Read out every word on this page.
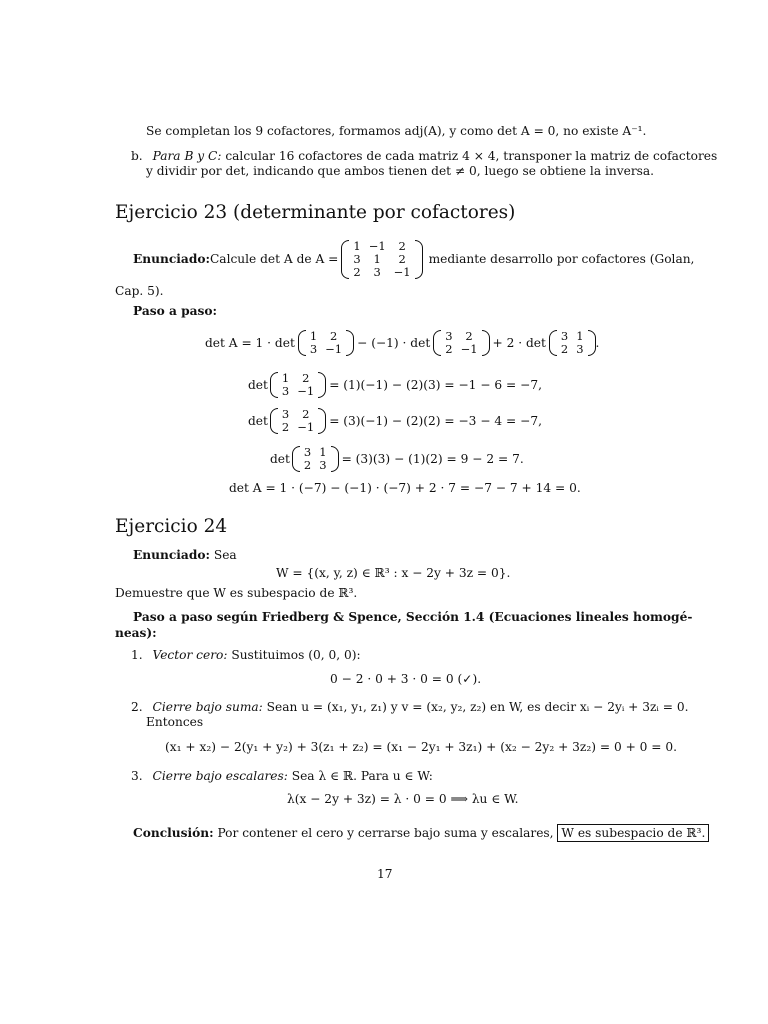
Se completan los 9 cofactores, formamos adj(A), y como det A = 0, no existe A⁻¹.
b. Para B y C: calcular 16 cofactores de cada matriz 4 × 4, transponer la matriz de cofactores
y dividir por det, indicando que ambos tienen det ≠ 0, luego se obtiene la inversa.
Ejercicio 23 (determinante por cofactores)
Enunciado: Calcule det A de A =
1	−1	2
3	1	2
2	3	−1
mediante desarrollo por cofactores (Golan,
Cap. 5).
Paso a paso:
det A = 1 · det 1	2
3	−1 − (−1) · det 3	2
2	−1 + 2 · det 3	1
2	3 .
det 1	2
3	−1 = (1)(−1) − (2)(3) = −1 − 6 = −7,
det 3	2
2	−1 = (3)(−1) − (2)(2) = −3 − 4 = −7,
det 3	1
2	3 = (3)(3) − (1)(2) = 9 − 2 = 7.
det A = 1 · (−7) − (−1) · (−7) + 2 · 7 = −7 − 7 + 14 = 0.
Ejercicio 24
Enunciado: Sea
W = {(x, y, z) ∈ ℝ³ : x − 2y + 3z = 0}.
Demuestre que W es subespacio de ℝ³.
Paso a paso según Friedberg & Spence, Sección 1.4 (Ecuaciones lineales homogé-
neas):
1. Vector cero: Sustituimos (0, 0, 0):
0 − 2 · 0 + 3 · 0 = 0 (✓).
2. Cierre bajo suma: Sean u = (x₁, y₁, z₁) y v = (x₂, y₂, z₂) en W, es decir xᵢ − 2yᵢ + 3zᵢ = 0.
Entonces
(x₁ + x₂) − 2(y₁ + y₂) + 3(z₁ + z₂) = (x₁ − 2y₁ + 3z₁) + (x₂ − 2y₂ + 3z₂) = 0 + 0 = 0.
3. Cierre bajo escalares: Sea λ ∈ ℝ. Para u ∈ W:
λ(x − 2y + 3z) = λ · 0 = 0 ⟹ λu ∈ W.
Conclusión: Por contener el cero y cerrarse bajo suma y escalares, W es subespacio de ℝ³.
17
